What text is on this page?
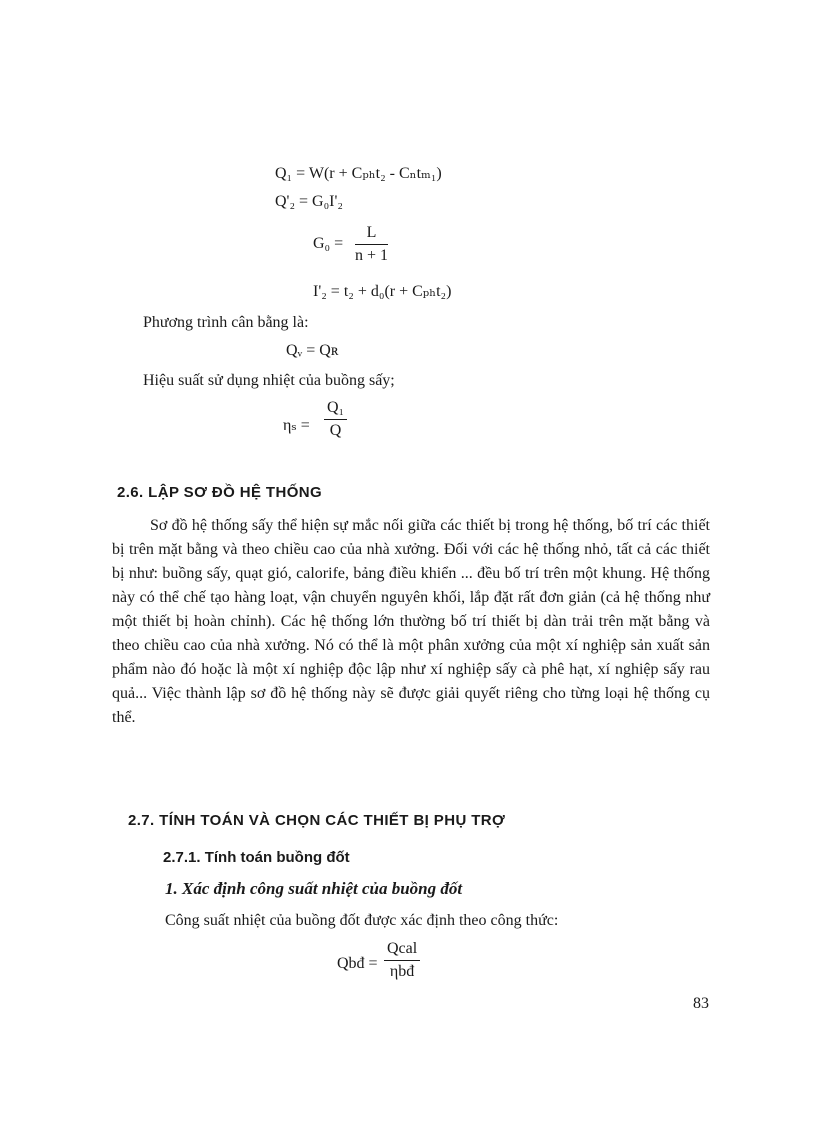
Q₁ = W(r + Cₚₕt₂ - Cₙtₘ₁)
Q'₂ = G₀I'₂
$G_0 = \frac{L}{n + 1}$
I'₂ = t₂ + d₀(r + Cₚₕt₂)
Phương trình cân bằng là:
Qᵥ = Qʀ
Hiệu suất sử dụng nhiệt của buồng sấy;
$\eta_s = \frac{\text{Q₁}}{Q}$
2.6. LẬP SƠ ĐỒ HỆ THỐNG
Sơ đồ hệ thống sấy thể hiện sự mắc nối giữa các thiết bị trong hệ thống, bố trí các thiết bị trên mặt bằng và theo chiều cao của nhà xưởng. Đối với các hệ thống nhỏ, tất cả các thiết bị như: buồng sấy, quạt gió, calorife, bảng điều khiển ... đều bố trí trên một khung. Hệ thống này có thể chế tạo hàng loạt, vận chuyển nguyên khối, lắp đặt rất đơn giản (cả hệ thống như một thiết bị hoàn chỉnh). Các hệ thống lớn thường bố trí thiết bị dàn trải trên mặt bằng và theo chiều cao của nhà xưởng. Nó có thể là một phân xưởng của một xí nghiệp sản xuất sản phẩm nào đó hoặc là một xí nghiệp độc lập như xí nghiệp sấy cà phê hạt, xí nghiệp sấy rau quả... Việc thành lập sơ đồ hệ thống này sẽ được giải quyết riêng cho từng loại hệ thống cụ thể.
2.7. TÍNH TOÁN VÀ CHỌN CÁC THIẾT BỊ PHỤ TRỢ
2.7.1. Tính toán buồng đốt
1. Xác định công suất nhiệt của buồng đốt
Công suất nhiệt của buồng đốt được xác định theo công thức:
Qbđ =
Qcal
ηbđ
83
